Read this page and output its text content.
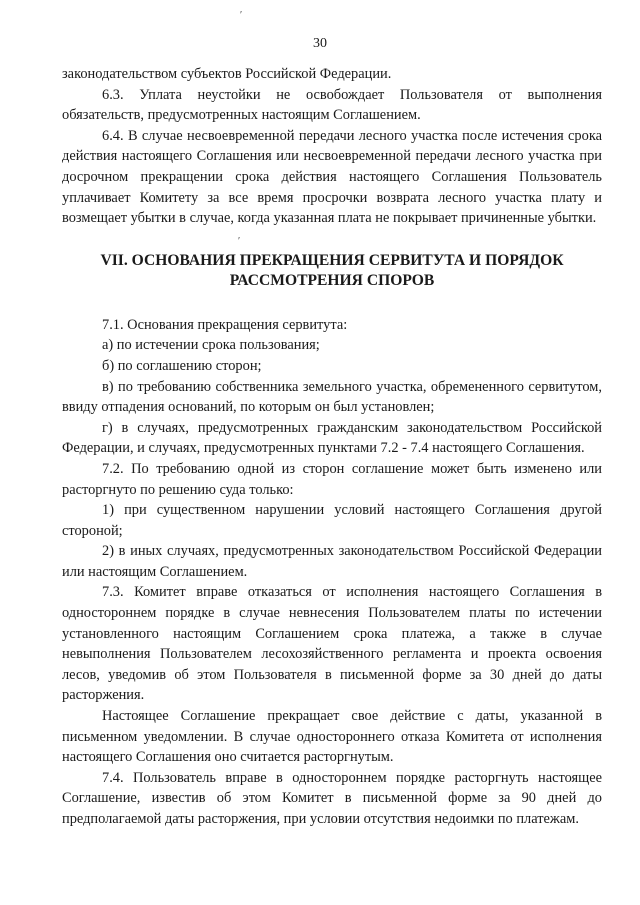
ʹ
ʹ
30

законодательством субъектов Российской Федерации.

6.3. Уплата неустойки не освобождает Пользователя от выполнения обязательств, предусмотренных настоящим Соглашением.

6.4. В случае несвоевременной передачи лесного участка после истечения срока действия настоящего Соглашения или несвоевременной передачи лесного участка при досрочном прекращении срока действия настоящего Соглашения Пользователь уплачивает Комитету за все время просрочки возврата лесного участка плату и возмещает убытки в случае, когда указанная плата не покрывает причиненные убытки.

VII. ОСНОВАНИЯ ПРЕКРАЩЕНИЯ СЕРВИТУТА И ПОРЯДОК
РАССМОТРЕНИЯ СПОРОВ

7.1. Основания прекращения сервитута:

а) по истечении срока пользования;

б) по соглашению сторон;

в) по требованию собственника земельного участка, обремененного сервитутом, ввиду отпадения оснований, по которым он был установлен;

г) в случаях, предусмотренных гражданским законодательством Российской Федерации, и случаях, предусмотренных пунктами 7.2 - 7.4 настоящего Соглашения.

7.2. По требованию одной из сторон соглашение может быть изменено или расторгнуто по решению суда только:

1) при существенном нарушении условий настоящего Соглашения другой стороной;

2) в иных случаях, предусмотренных законодательством Российской Федерации или настоящим Соглашением.

7.3. Комитет вправе отказаться от исполнения настоящего Соглашения в одностороннем порядке в случае невнесения Пользователем платы по истечении установленного настоящим Соглашением срока платежа, а также в случае невыполнения Пользователем лесохозяйственного регламента и проекта освоения лесов, уведомив об этом Пользователя в письменной форме за 30 дней до даты расторжения.

Настоящее Соглашение прекращает свое действие с даты, указанной в письменном уведомлении. В случае одностороннего отказа Комитета от исполнения настоящего Соглашения оно считается расторгнутым.

7.4. Пользователь вправе в одностороннем порядке расторгнуть настоящее Соглашение, известив об этом Комитет в письменной форме за 90 дней до предполагаемой даты расторжения, при условии отсутствия недоимки по платежам.
